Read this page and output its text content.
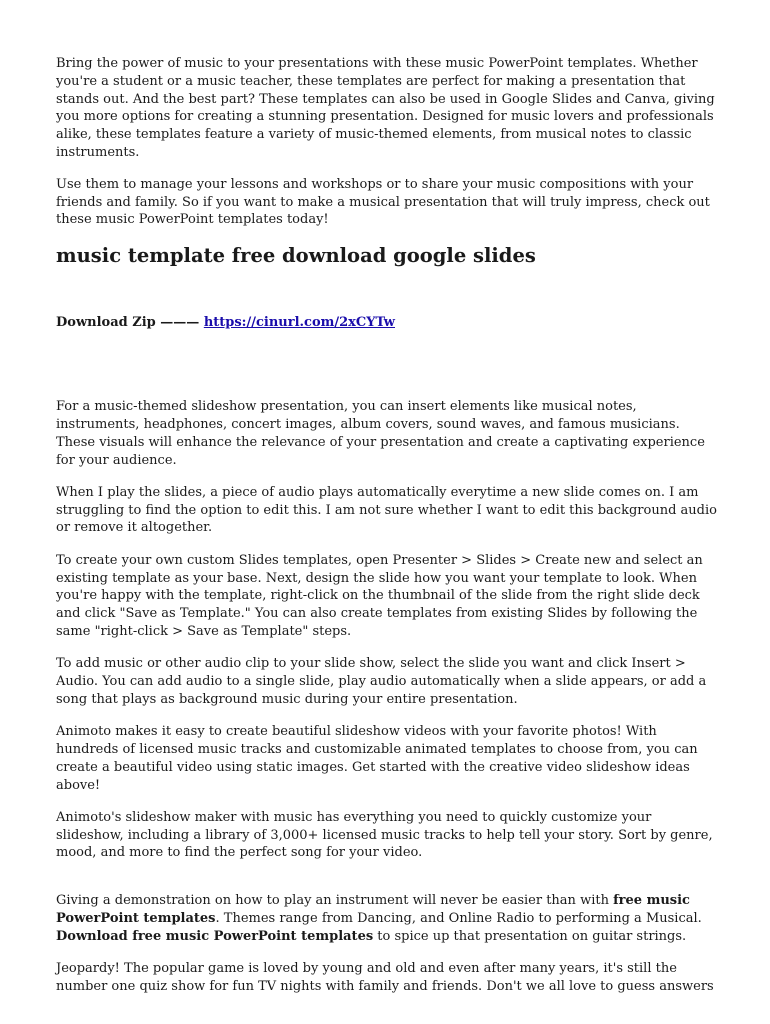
Bring the power of music to your presentations with these music PowerPoint templates. Whether you're a student or a music teacher, these templates are perfect for making a presentation that stands out. And the best part? These templates can also be used in Google Slides and Canva, giving you more options for creating a stunning presentation. Designed for music lovers and professionals alike, these templates feature a variety of music-themed elements, from musical notes to classic instruments.

Use them to manage your lessons and workshops or to share your music compositions with your friends and family. So if you want to make a musical presentation that will truly impress, check out these music PowerPoint templates today!

music template free download google slides
Download Zip ——— https://cinurl.com/2xCYTw

For a music-themed slideshow presentation, you can insert elements like musical notes, instruments, headphones, concert images, album covers, sound waves, and famous musicians. These visuals will enhance the relevance of your presentation and create a captivating experience for your audience.

When I play the slides, a piece of audio plays automatically everytime a new slide comes on. I am struggling to find the option to edit this. I am not sure whether I want to edit this background audio or remove it altogether.

To create your own custom Slides templates, open Presenter > Slides > Create new and select an existing template as your base. Next, design the slide how you want your template to look. When you're happy with the template, right-click on the thumbnail of the slide from the right slide deck and click "Save as Template." You can also create templates from existing Slides by following the same "right-click > Save as Template" steps.

To add music or other audio clip to your slide show, select the slide you want and click Insert > Audio. You can add audio to a single slide, play audio automatically when a slide appears, or add a song that plays as background music during your entire presentation.

Animoto makes it easy to create beautiful slideshow videos with your favorite photos! With hundreds of licensed music tracks and customizable animated templates to choose from, you can create a beautiful video using static images. Get started with the creative video slideshow ideas above!

Animoto's slideshow maker with music has everything you need to quickly customize your slideshow, including a library of 3,000+ licensed music tracks to help tell your story. Sort by genre, mood, and more to find the perfect song for your video.

Giving a demonstration on how to play an instrument will never be easier than with free music PowerPoint templates. Themes range from Dancing, and Online Radio to performing a Musical. Download free music PowerPoint templates to spice up that presentation on guitar strings.

Jeopardy! The popular game is loved by young and old and even after many years, it's still the number one quiz show for fun TV nights with family and friends. Don't we all love to guess answers
